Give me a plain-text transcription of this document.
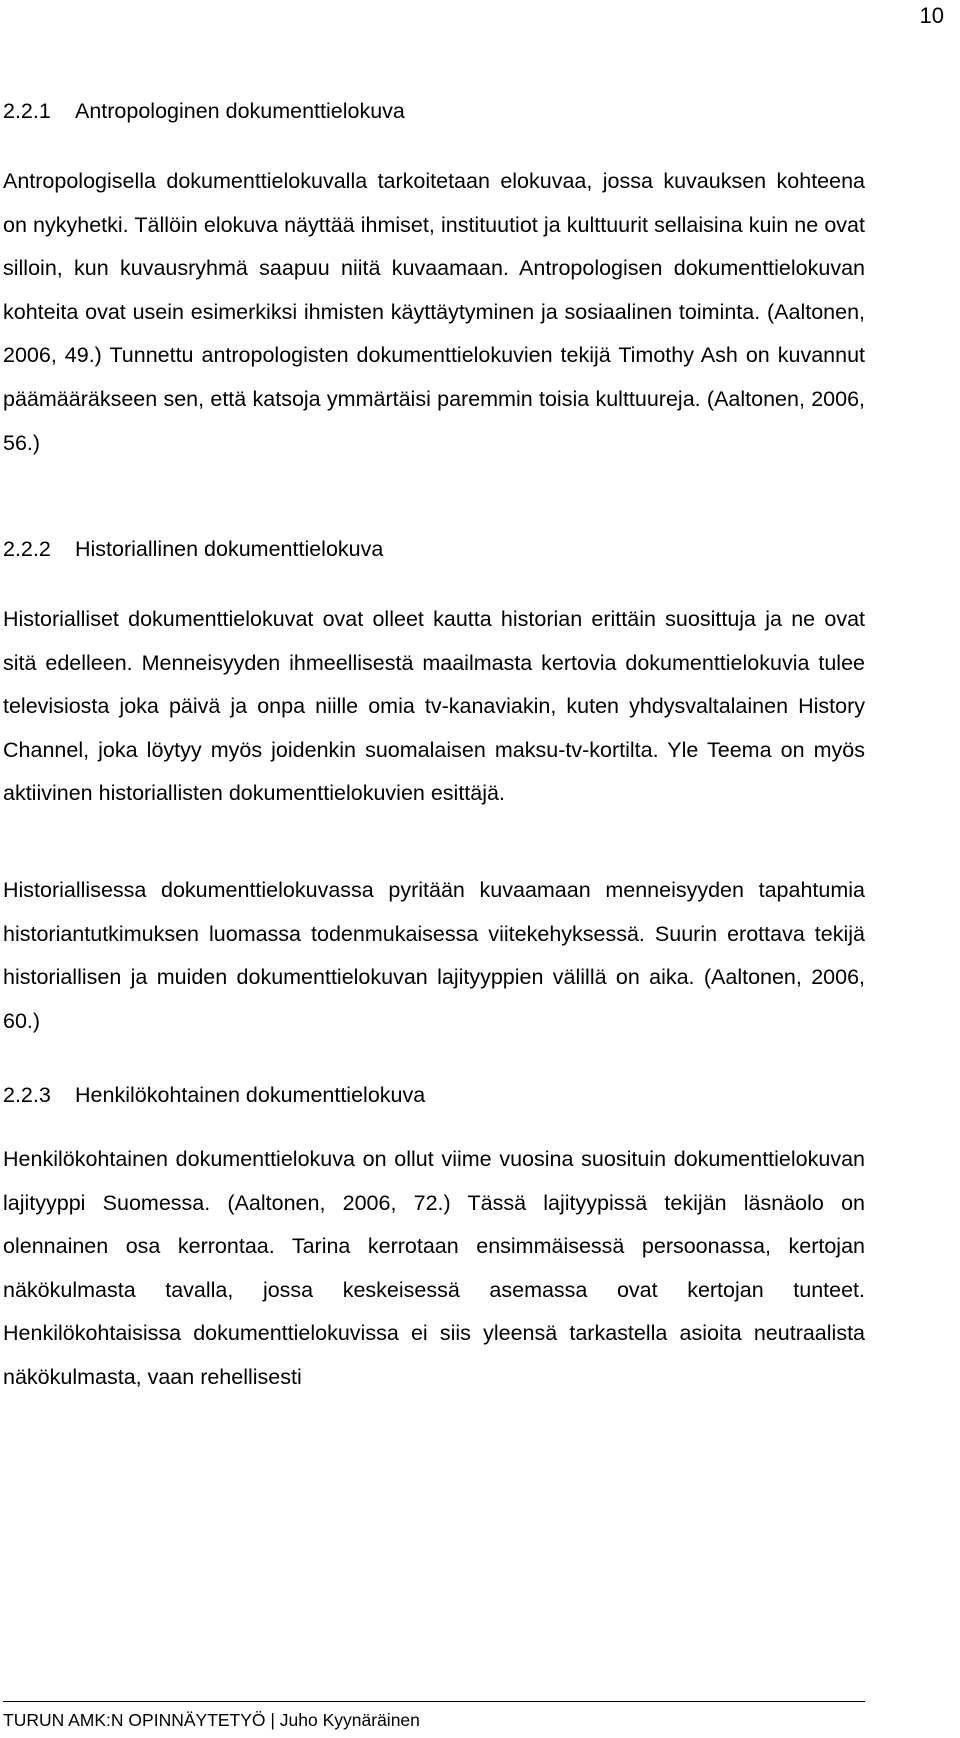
10
2.2.1 Antropologinen dokumenttielokuva

Antropologisella dokumenttielokuvalla tarkoitetaan elokuvaa, jossa kuvauksen kohteena on nykyhetki. Tällöin elokuva näyttää ihmiset, instituutiot ja kulttuurit sellaisina kuin ne ovat silloin, kun kuvausryhmä saapuu niitä kuvaamaan. Antropologisen dokumenttielokuvan kohteita ovat usein esimerkiksi ihmisten käyttäytyminen ja sosiaalinen toiminta. (Aaltonen, 2006, 49.) Tunnettu antropologisten dokumenttielokuvien tekijä Timothy Ash on kuvannut päämääräkseen sen, että katsoja ymmärtäisi paremmin toisia kulttuureja. (Aaltonen, 2006, 56.)

2.2.2 Historiallinen dokumenttielokuva

Historialliset dokumenttielokuvat ovat olleet kautta historian erittäin suosittuja ja ne ovat sitä edelleen. Menneisyyden ihmeellisestä maailmasta kertovia dokumenttielokuvia tulee televisiosta joka päivä ja onpa niille omia tv-kanaviakin, kuten yhdysvaltalainen History Channel, joka löytyy myös joidenkin suomalaisen maksu-tv-kortilta. Yle Teema on myös aktiivinen historiallisten dokumenttielokuvien esittäjä.

Historiallisessa dokumenttielokuvassa pyritään kuvaamaan menneisyyden tapahtumia historiantutkimuksen luomassa todenmukaisessa viitekehyksessä. Suurin erottava tekijä historiallisen ja muiden dokumenttielokuvan lajityyppien välillä on aika. (Aaltonen, 2006, 60.)

2.2.3 Henkilökohtainen dokumenttielokuva

Henkilökohtainen dokumenttielokuva on ollut viime vuosina suosituin dokumenttielokuvan lajityyppi Suomessa. (Aaltonen, 2006, 72.) Tässä lajityypissä tekijän läsnäolo on olennainen osa kerrontaa. Tarina kerrotaan ensimmäisessä persoonassa, kertojan näkökulmasta tavalla, jossa keskeisessä asemassa ovat kertojan tunteet. Henkilökohtaisissa dokumenttielokuvissa ei siis yleensä tarkastella asioita neutraalista näkökulmasta, vaan rehellisesti

TURUN AMK:N OPINNÄYTETYÖ | Juho Kyynäräinen
